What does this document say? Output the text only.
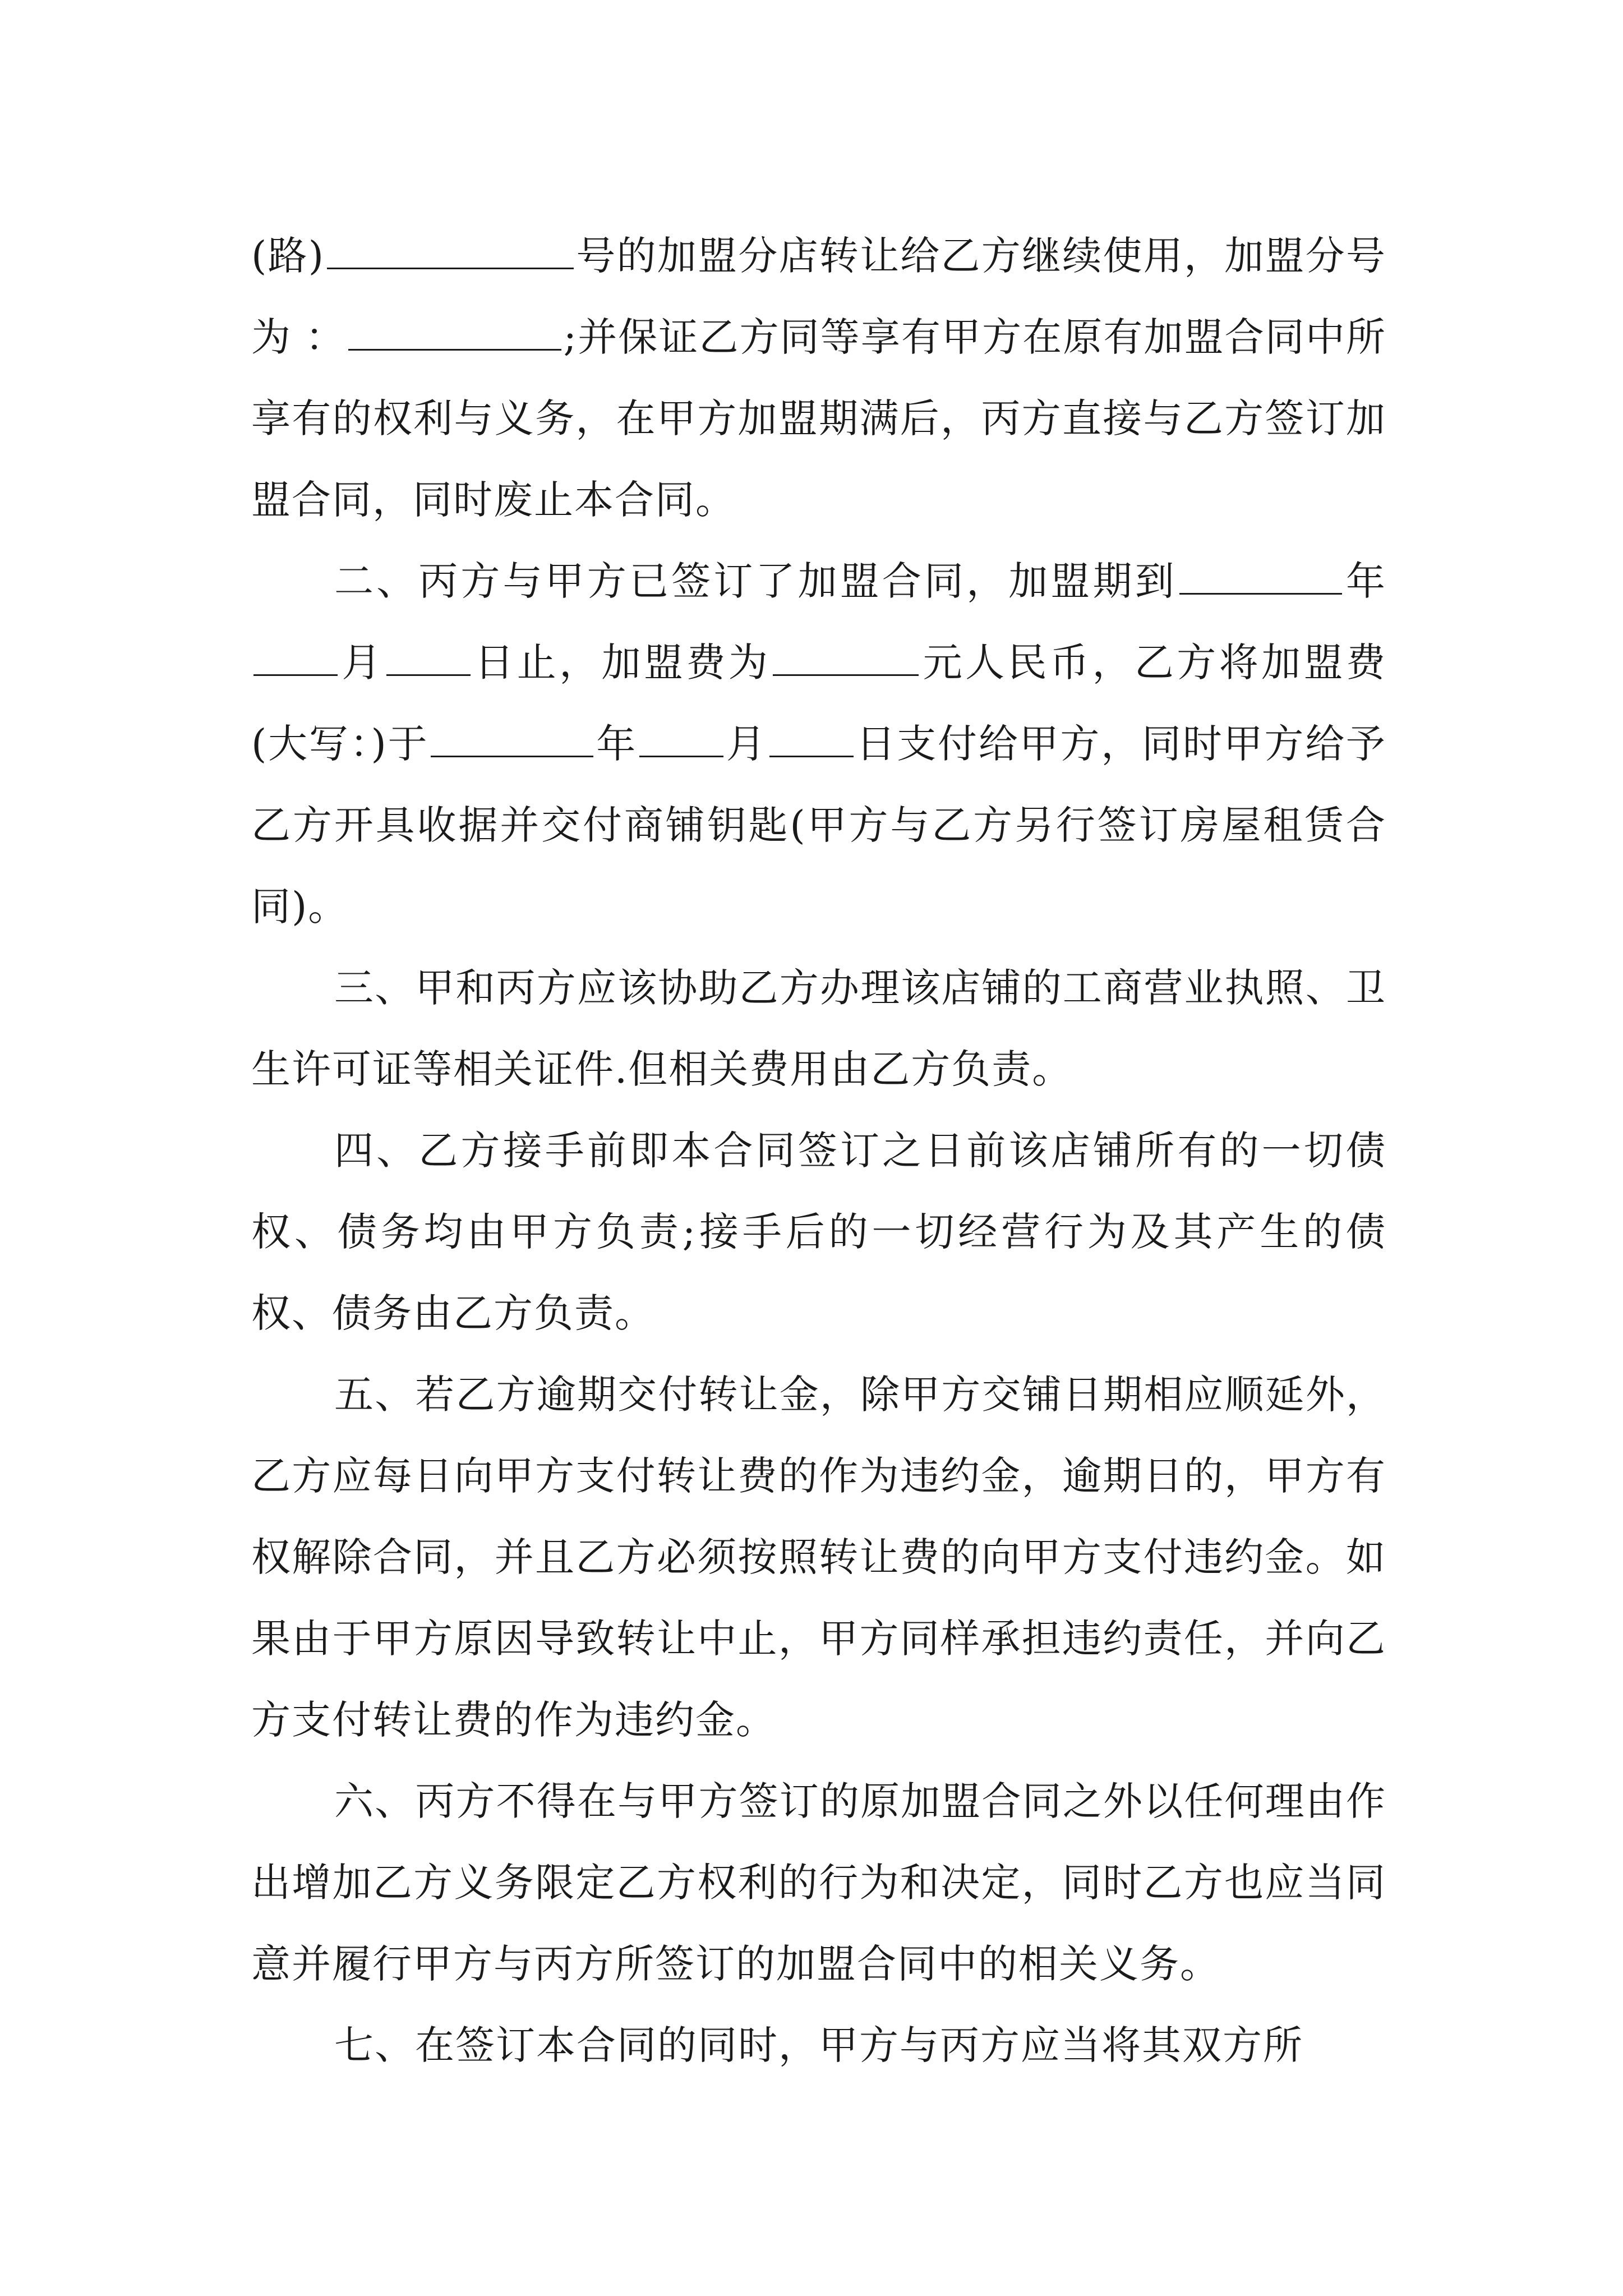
(路)	号的加盟分店转让给乙方继续使用，加盟分号为 ：	;并保证乙方同等享有甲方在原有加盟合同中所享有的权利与义务，在甲方加盟期满后，丙方直接与乙方签订加盟合同，同时废止本合同。

二、丙方与甲方已签订了加盟合同，加盟期到	年月 日止，加盟费为	元人民币，乙方将加盟费(大写：)于	年 月 日支付给甲方，同时甲方给予乙方开具收据并交付商铺钥匙(甲方与乙方另行签订房屋租赁合同)。

三、甲和丙方应该协助乙方办理该店铺的工商营业执照、卫生许可证等相关证件.但相关费用由乙方负责。

四、乙方接手前即本合同签订之日前该店铺所有的一切债权、债务均由甲方负责;接手后的一切经营行为及其产生的债权、债务由乙方负责。

五、若乙方逾期交付转让金，除甲方交铺日期相应顺延外，乙方应每日向甲方支付转让费的作为违约金，逾期日的，甲方有权解除合同，并且乙方必须按照转让费的向甲方支付违约金。如果由于甲方原因导致转让中止，甲方同样承担违约责任，并向乙方支付转让费的作为违约金。

六、丙方不得在与甲方签订的原加盟合同之外以任何理由作出增加乙方义务限定乙方权利的行为和决定，同时乙方也应当同意并履行甲方与丙方所签订的加盟合同中的相关义务。

七、在签订本合同的同时，甲方与丙方应当将其双方所
